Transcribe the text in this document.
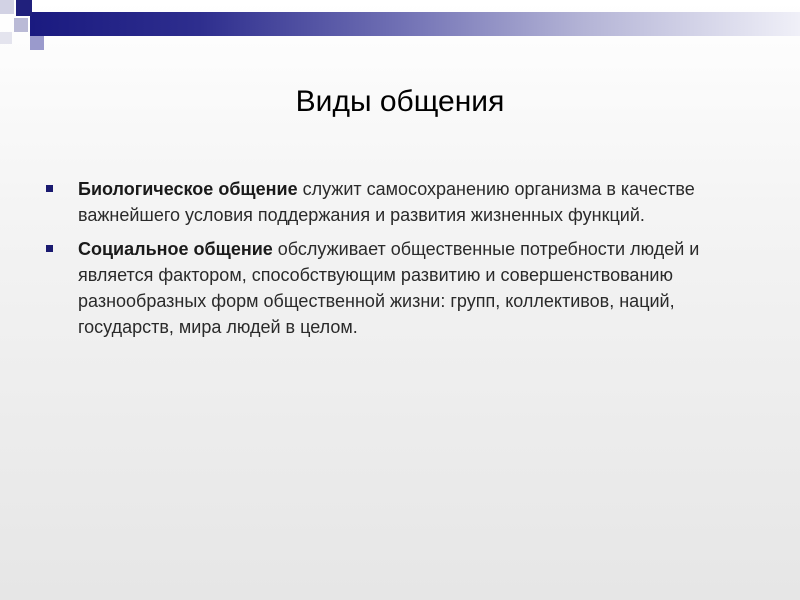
Виды общения
Биологическое общение служит самосохранению организма в качестве важнейшего условия поддержания и развития жизненных функций.
Социальное общение обслуживает общественные потребности людей и является фактором, способствующим развитию и совершенствованию разнообразных форм общественной жизни: групп, коллективов, наций, государств, мира людей в целом.
